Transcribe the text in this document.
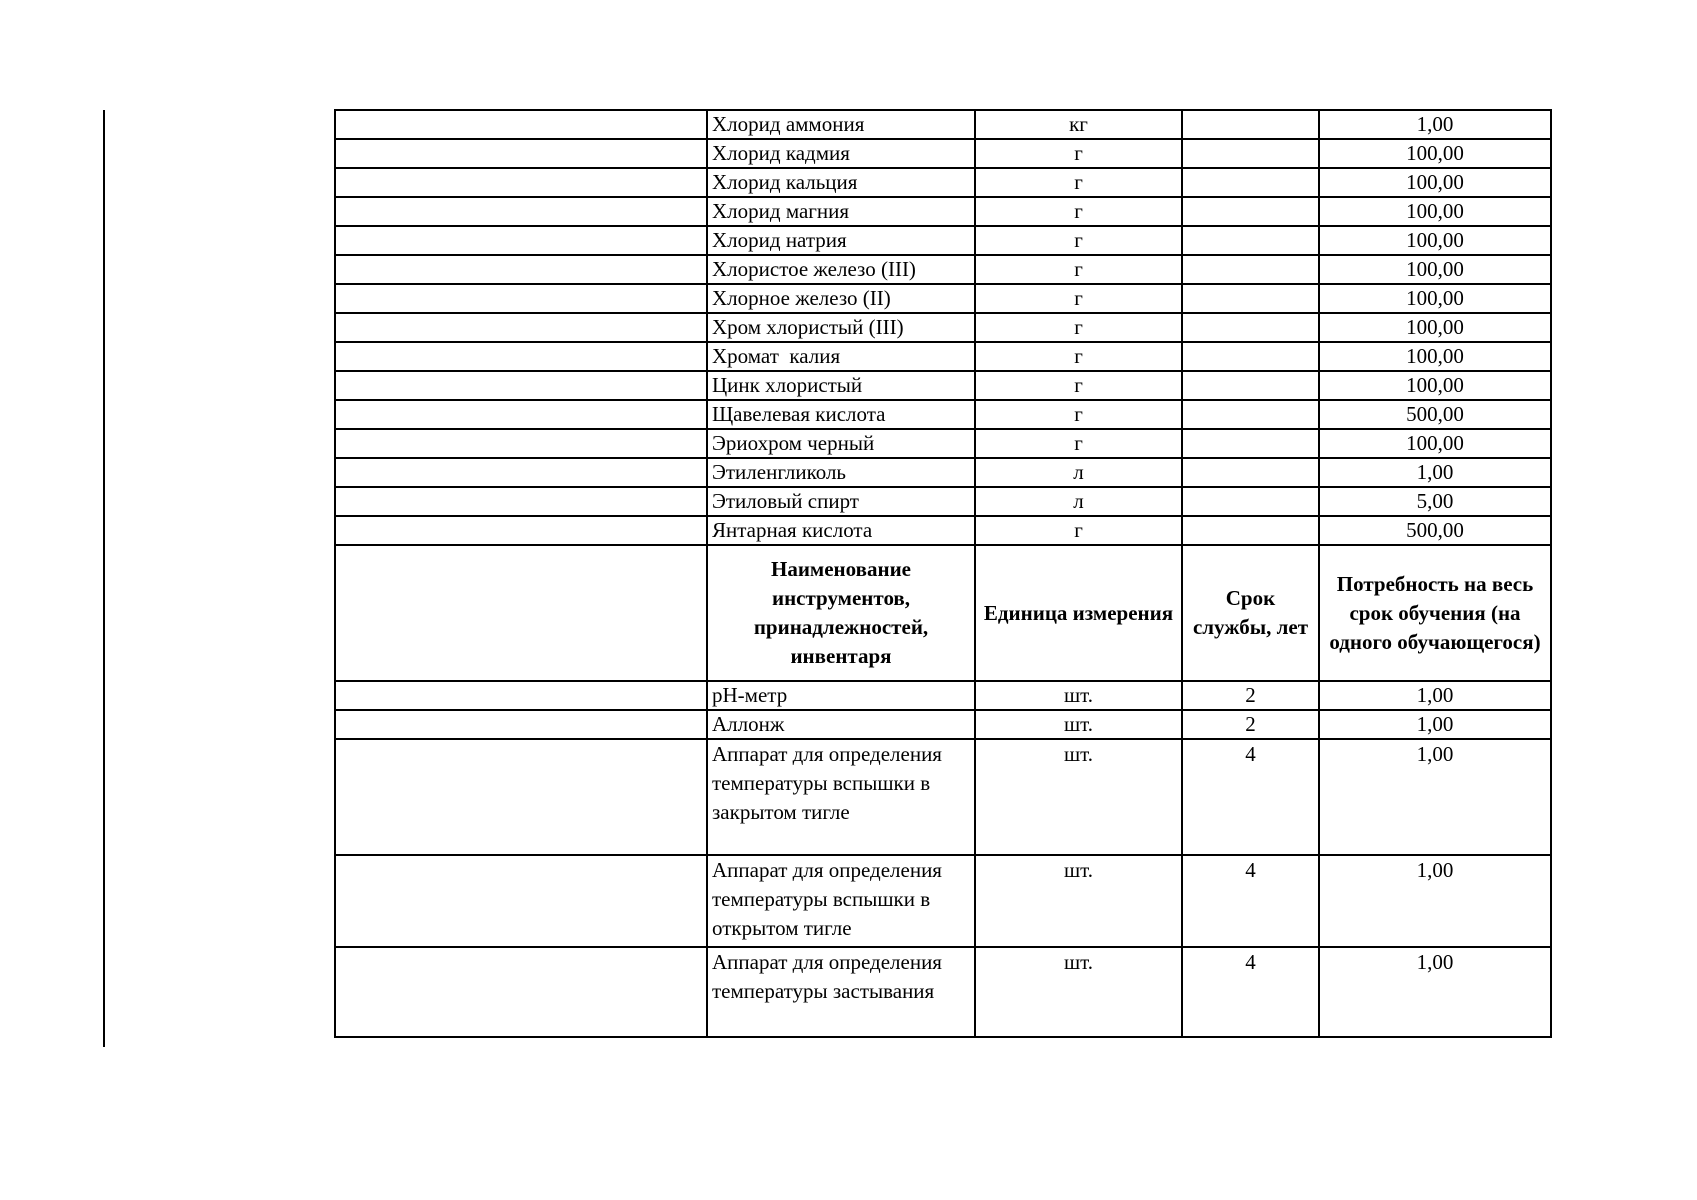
	Хлорид аммония	кг		1,00
	Хлорид кадмия	г		100,00
	Хлорид кальция	г		100,00
	Хлорид магния	г		100,00
	Хлорид натрия	г		100,00
	Хлористое железо (III)	г		100,00
	Хлорное железо (II)	г		100,00
	Хром хлористый (III)	г		100,00
	Хромат  калия	г		100,00
	Цинк хлористый	г		100,00
	Щавелевая кислота	г		500,00
	Эриохром черный	г		100,00
	Этиленгликоль	л		1,00
	Этиловый спирт	л		5,00
	Янтарная кислота	г		500,00
	Наименование инструментов, принадлежностей, инвентаря	Единица измерения	Срок службы, лет	Потребность на весь срок обучения (на одного обучающегося)
	pH-метр	шт.	2	1,00
	Аллонж	шт.	2	1,00
	Аппарат для определения температуры вспышки в закрытом тигле	шт.	4	1,00
	Аппарат для определения температуры вспышки в открытом тигле	шт.	4	1,00
	Аппарат для определения температуры застывания	шт.	4	1,00
